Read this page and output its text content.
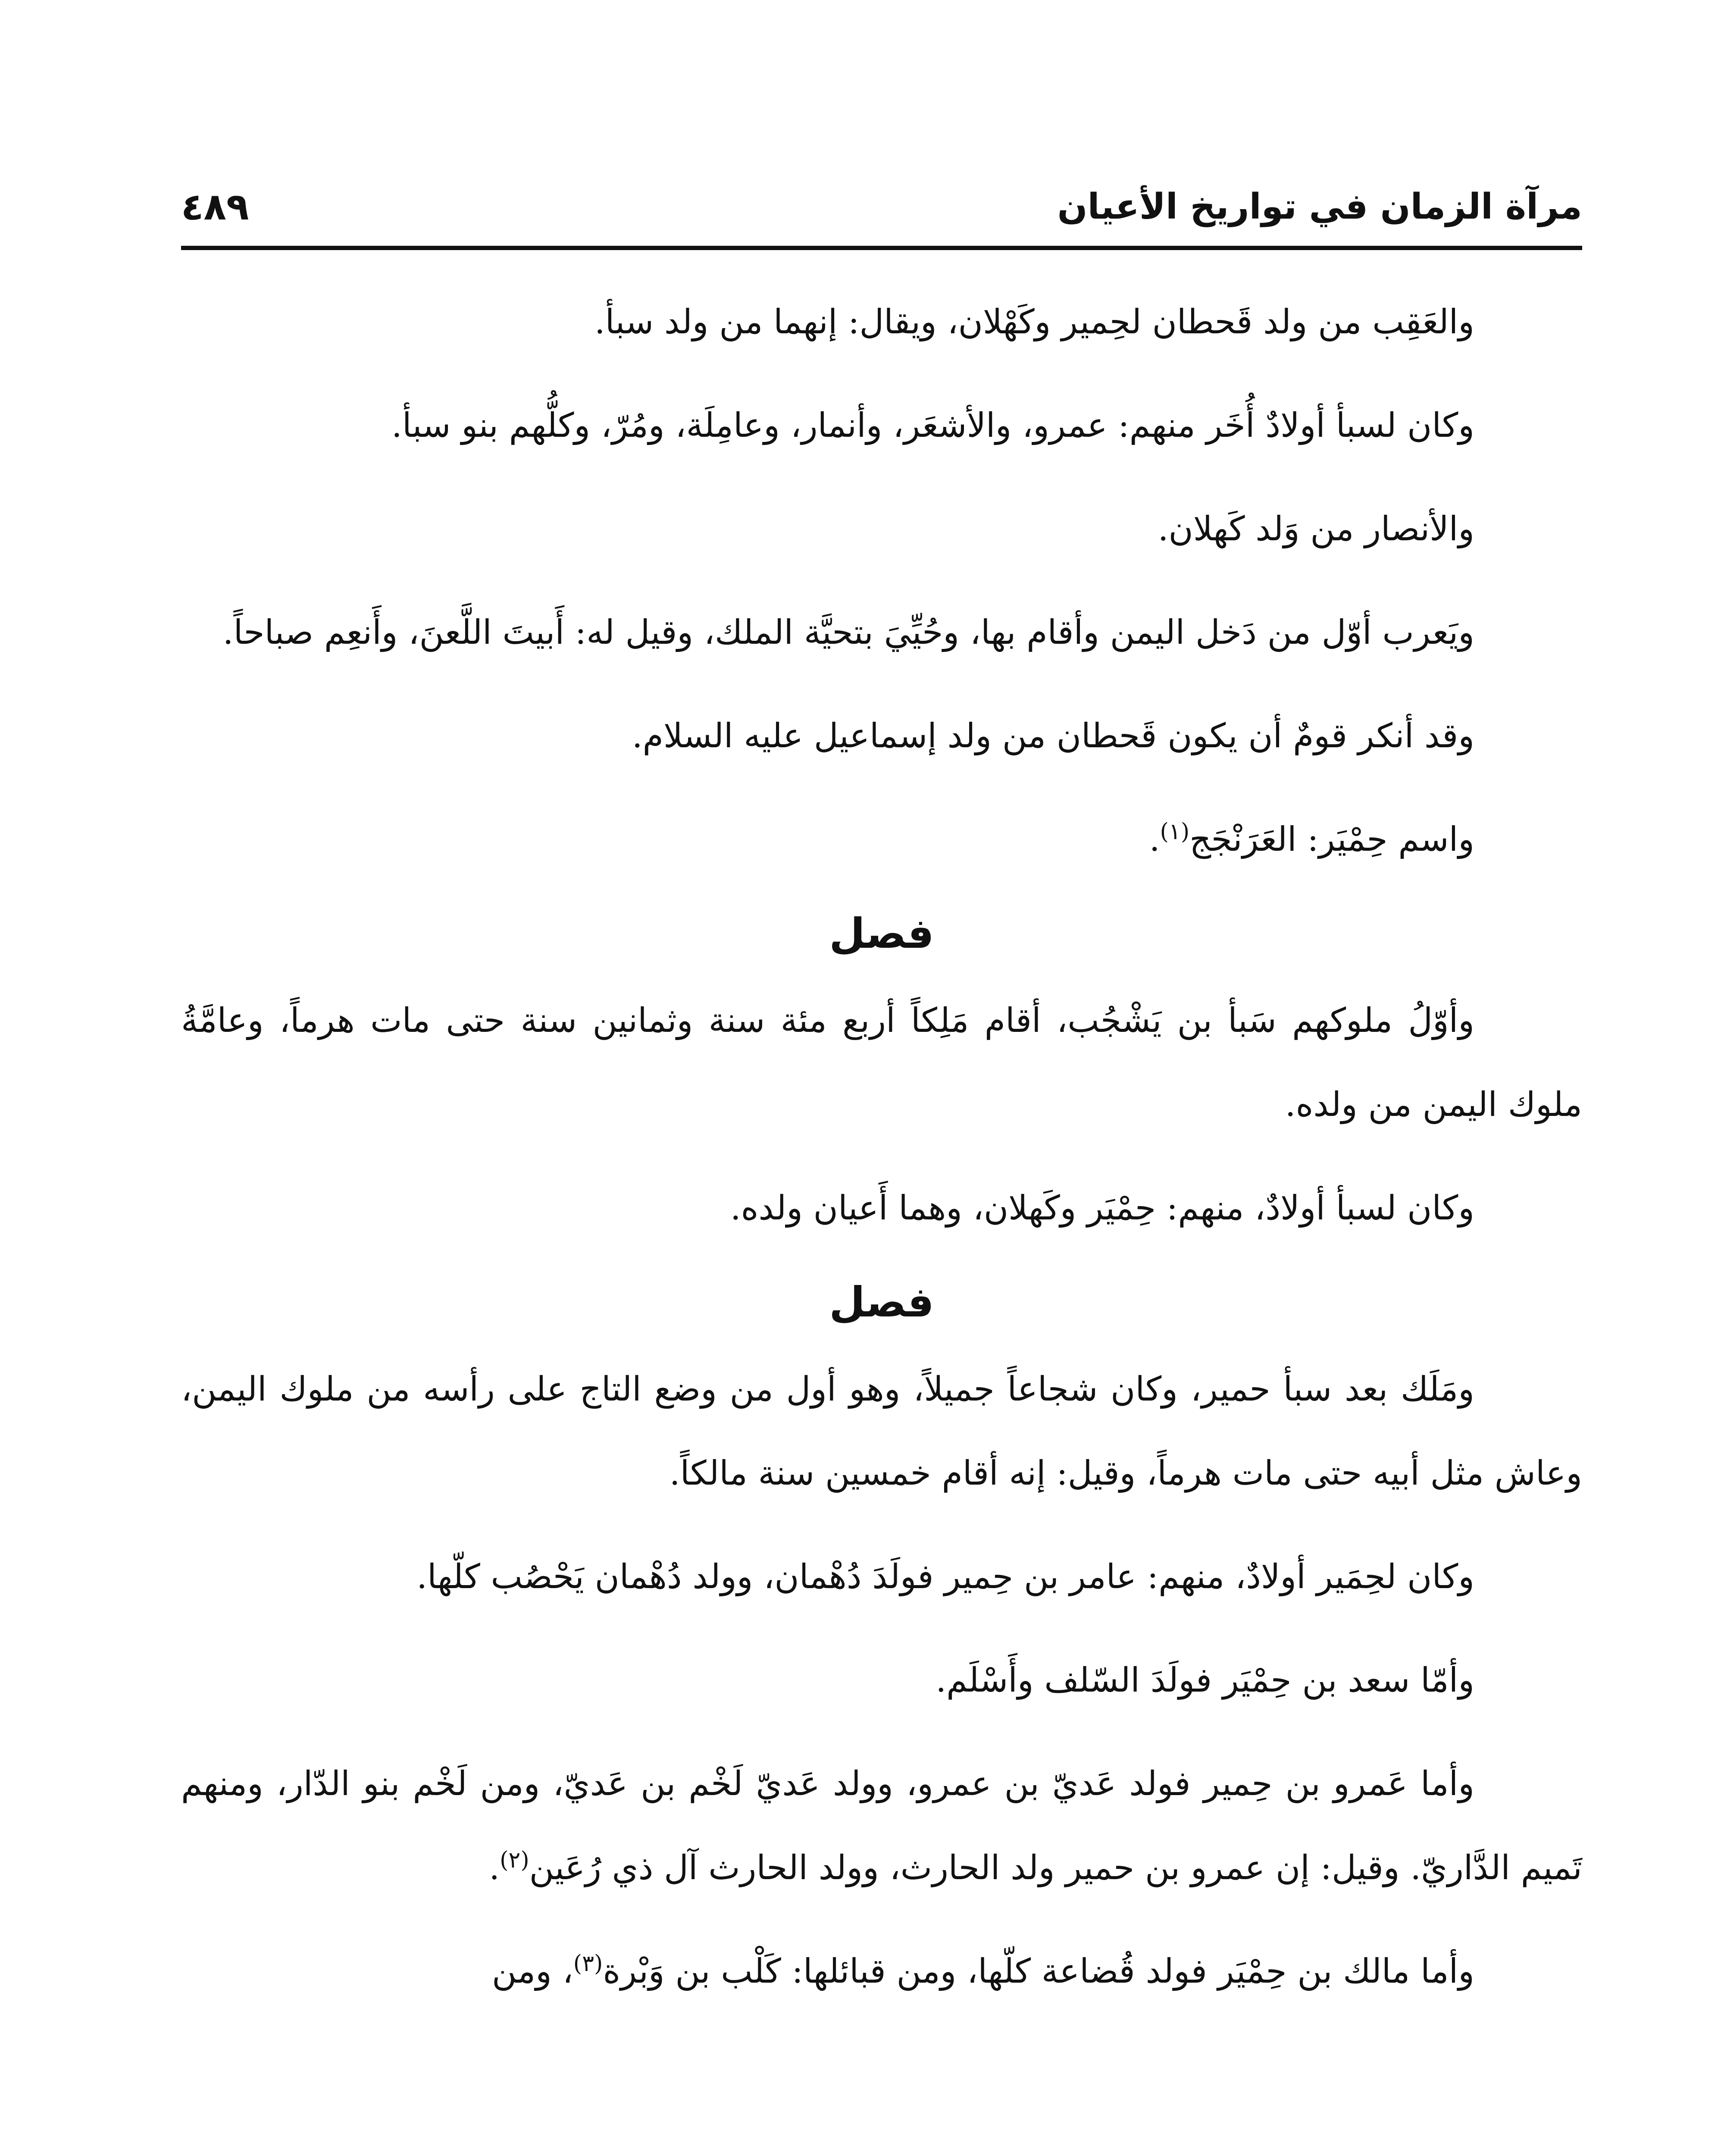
مرآة الزمان في تواريخ الأعيان
٤٨٩

والعَقِب من ولد قَحطان لحِمير وكَهْلان، ويقال: إنهما من ولد سبأ.

وكان لسبأ أولادٌ أُخَر منهم: عمرو، والأشعَر، وأنمار، وعامِلَة، ومُرّ، وكلُّهم بنو سبأ.

والأنصار من وَلد كَهلان.

ويَعرب أوّل من دَخل اليمن وأقام بها، وحُيِّيَ بتحيَّة الملك، وقيل له: أَبيتَ اللَّعنَ، وأَنعِم صباحاً.

وقد أنكر قومٌ أن يكون قَحطان من ولد إسماعيل عليه السلام.

واسم حِمْيَر: العَرَنْجَج$^{(١)}$.

فصل

وأوّلُ ملوكهم سَبأ بن يَشْجُب، أقام مَلِكاً أربع مئة سنة وثمانين سنة حتى مات هرماً، وعامَّةُ ملوك اليمن من ولده.

وكان لسبأ أولادٌ، منهم: حِمْيَر وكَهلان، وهما أَعيان ولده.

فصل

ومَلَك بعد سبأ حمير، وكان شجاعاً جميلاً، وهو أول من وضع التاج على رأسه من ملوك اليمن، وعاش مثل أبيه حتى مات هرماً، وقيل: إنه أقام خمسين سنة مالكاً.

وكان لحِمَير أولادٌ، منهم: عامر بن حِمير فولَدَ دُهْمان، وولد دُهْمان يَحْصُب كلّها.

وأمّا سعد بن حِمْيَر فولَدَ السّلف وأَسْلَم.

وأما عَمرو بن حِمير فولد عَديّ بن عمرو، وولد عَديّ لَخْم بن عَديّ، ومن لَخْم بنو الدّار، ومنهم تَميم الدَّاريّ. وقيل: إن عمرو بن حمير ولد الحارث، وولد الحارث آل ذي رُعَين$^{(٢)}$.

وأما مالك بن حِمْيَر فولد قُضاعة كلّها، ومن قبائلها: كَلْب بن وَبْرة$^{(٣)}$، ومن
